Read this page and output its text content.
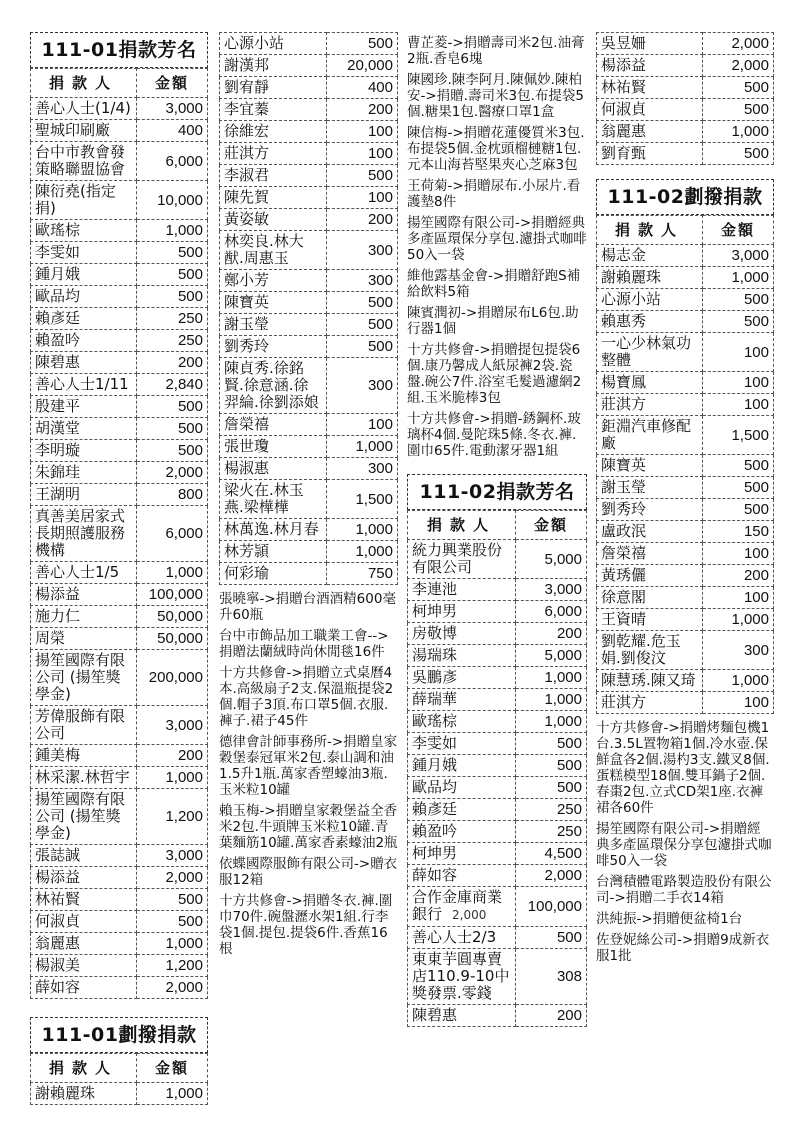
111-01捐款芳名
捐款人	金額
善心人士(1/4)	3,000
聖城印刷廠	400
台中市教會發策略聯盟協會	6,000
陳衍堯(指定捐)	10,000
歐瑤棕	1,000
李雯如	500
鍾月娥	500
歐品均	500
賴彥廷	250
賴盈吟	250
陳碧惠	200
善心人士1/11	2,840
殷建平	500
胡漢堂	500
李明璇	500
朱錦珪	2,000
王湖明	800
真善美居家式長期照護服務機構	6,000
善心人士1/5	1,000
楊添益	100,000
施力仁	50,000
周榮	50,000
揚笙國際有限公司 (揚笙獎學金)	200,000
芳偉服飾有限公司	3,000
鍾美梅	200
林采潔.林哲宇	1,000
揚笙國際有限公司 (揚笙獎學金)	1,200
張誌誠	3,000
楊添益	2,000
林祐賢	500
何淑貞	500
翁麗惠	1,000
楊淑美	1,200
薛如容	2,000
111-01劃撥捐款
捐款人	金額
謝賴麗珠	1,000
心源小站	500
謝漢邦	20,000
劉宥靜	400
李宜蓁	200
徐維宏	100
莊淇方	100
李淑君	500
陳先賀	100
黃姿敏	200
林奕良.林大猷.周惠玉	300
鄭小芳	300
陳寶英	500
謝玉瑩	500
劉秀玲	500
陳貞秀.徐銘賢.徐意涵.徐羿綸.徐劉添娘	300
詹榮禧	100
張世瓊	1,000
楊淑惠	300
梁火在.林玉燕.梁樺樺	1,500
林萬逸.林月春	1,000
林芳頴	1,000
何彩瑜	750
張曉寧->捐贈台酒酒精600毫升60瓶
台中市飾品加工職業工會-->捐贈法蘭絨時尚休閒毯16件
十方共修會->捐贈立式桌曆4本.高級扇子2支.保溫瓶提袋2個.帽子3頂.布口罩5個.衣服.褲子.裙子45件
德律會計師事務所->捐贈皇家穀堡泰冠軍米2包.泰山調和油1.5升1瓶.萬家香塑蠔油3瓶.玉米粒10罐
賴玉梅->捐贈皇家穀堡益全香米2包.牛頭牌玉米粒10罐.青葉麵筋10罐.萬家香素蠔油2瓶
依蝶國際服飾有限公司->贈衣服12箱
十方共修會->捐贈冬衣.褲.圍巾70件.碗盤瀝水架1組.行李袋1個.提包.提袋6件.香蕉16根
曹芷菱->捐贈壽司米2包.油膏2瓶.香皂6塊
陳國珍.陳李阿月.陳佩妙.陳柏安->捐贈.壽司米3包.布提袋5個.糖果1包.醫療口罩1盒
陳信梅->捐贈花蓮優質米3包.布提袋5個.金枕頭榴槤糖1包.元本山海苔堅果夾心芝麻3包
王荷菊->捐贈尿布.小尿片.看護墊8件
揚笙國際有限公司->捐贈經典多產區環保分享包.濾掛式咖啡50入一袋
維他露基金會->捐贈舒跑S補給飲料5箱
陳賓潤初->捐贈尿布L6包.助行器1個
十方共修會->捐贈提包提袋6個.康乃馨成人紙尿褲2袋.瓷盤.碗公7件.浴室毛髮過濾網2組.玉米脆棒3包
十方共修會->捐贈-銹鋼杯.玻璃杯4個.曼陀珠5條.冬衣.褲.圍巾65件.電動潔牙器1組
111-02捐款芳名
捐款人	金額
統力興業股份有限公司	5,000
李連池	3,000
柯坤男	6,000
房敬博	200
湯瑞珠	5,000
吳鵬彥	1,000
薛瑞華	1,000
歐瑤棕	1,000
李雯如	500
鍾月娥	500
歐品均	500
賴彥廷	250
賴盈吟	250
柯坤男	4,500
薛如容	2,000
合作金庫商業銀行 2,000	100,000
善心人士2/3	500
東東芋圓專賣店110.9-10中獎發票.零錢	308
陳碧惠	200
吳昱姍	2,000
楊添益	2,000
林祐賢	500
何淑貞	500
翁麗惠	1,000
劉育甄	500
111-02劃撥捐款
捐款人	金額
楊志金	3,000
謝賴麗珠	1,000
心源小站	500
賴惠秀	500
一心少林氣功整體	100
楊寶鳳	100
莊淇方	100
鉅淵汽車修配廠	1,500
陳寶英	500
謝玉瑩	500
劉秀玲	500
盧政泯	150
詹榮禧	100
黃琇儷	200
徐意閣	100
王資晴	1,000
劉乾耀.危玉娟.劉俊汶	300
陳慧琇.陳又琦	1,000
莊淇方	100
十方共修會->捐贈烤麵包機1台.3.5L置物箱1個.冷水壺.保鮮盒各2個.湯杓3支.鐵叉8個.蛋糕模型18個.雙耳鍋子2個.春棗2包.立式CD架1座.衣褲裙各60件
揚笙國際有限公司->捐贈經典多產區環保分享包濾掛式咖啡50入一袋
台灣積體電路製造股份有限公司->捐贈二手衣14箱
洪純振->捐贈便盆椅1台
佐登妮絲公司->捐贈9成新衣服1批
